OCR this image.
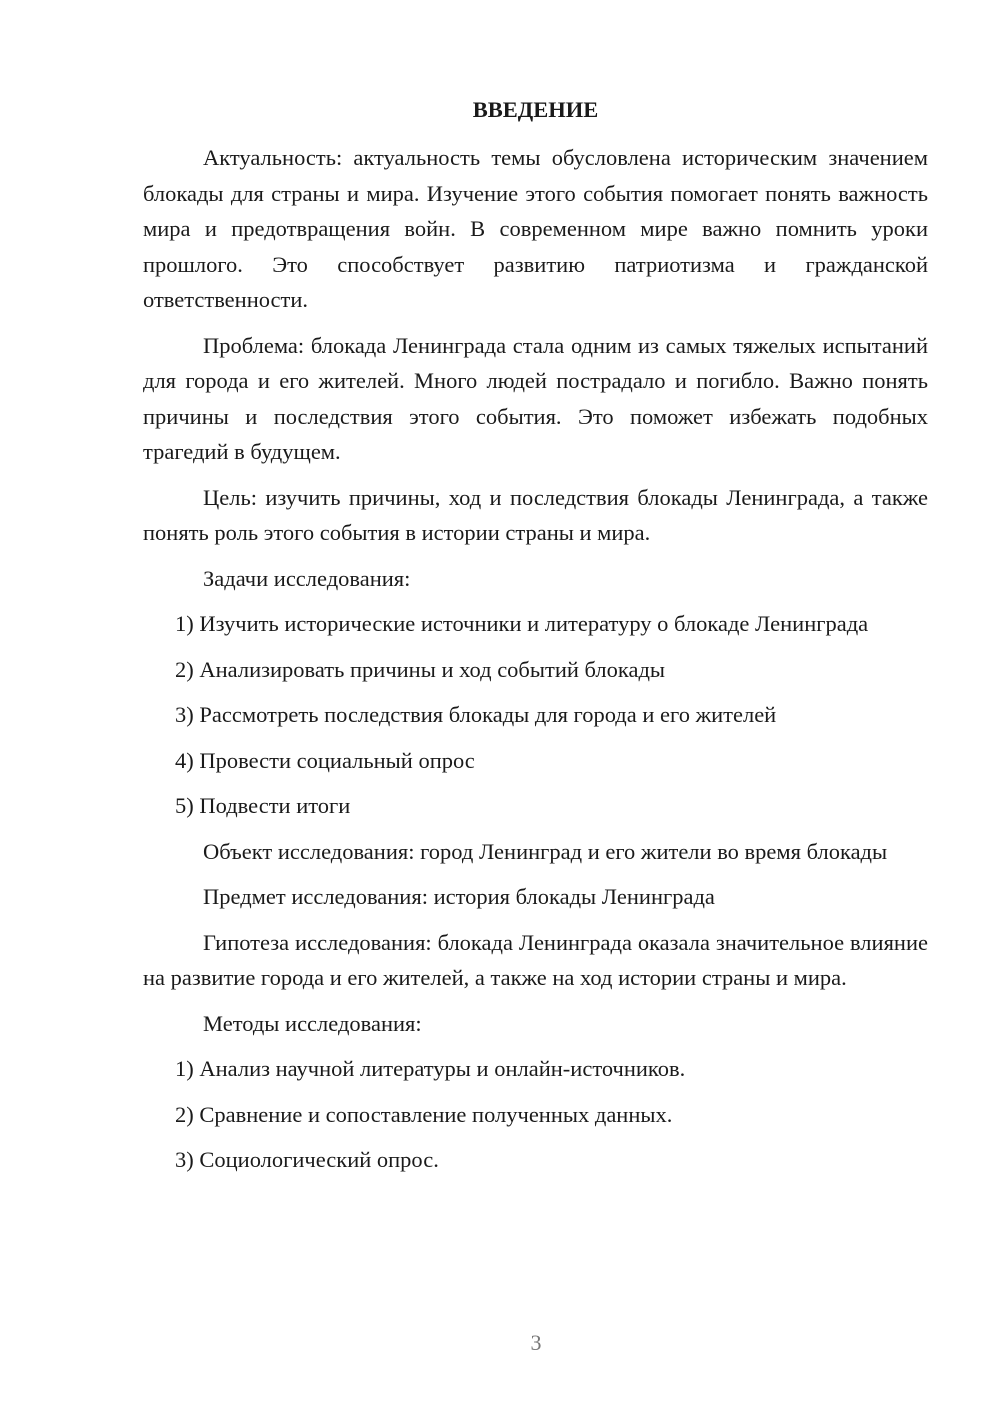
ВВЕДЕНИЕ

Актуальность: актуальность темы обусловлена историческим значением блокады для страны и мира. Изучение этого события помогает понять важность мира и предотвращения войн. В современном мире важно помнить уроки прошлого. Это способствует развитию патриотизма и гражданской ответственности.

Проблема: блокада Ленинграда стала одним из самых тяжелых испытаний для города и его жителей. Много людей пострадало и погибло. Важно понять причины и последствия этого события. Это поможет избежать подобных трагедий в будущем.

Цель: изучить причины, ход и последствия блокады Ленинграда, а также понять роль этого события в истории страны и мира.

Задачи исследования:

1) Изучить исторические источники и литературу о блокаде Ленинграда

2) Анализировать причины и ход событий блокады

3) Рассмотреть последствия блокады для города и его жителей

4) Провести социальный опрос

5) Подвести итоги

Объект исследования: город Ленинград и его жители во время блокады

Предмет исследования: история блокады Ленинграда

Гипотеза исследования: блокада Ленинграда оказала значительное влияние на развитие города и его жителей, а также на ход истории страны и мира.

Методы исследования:

1) Анализ научной литературы и онлайн-источников.

2) Сравнение и сопоставление полученных данных.

3) Социологический опрос.

3
